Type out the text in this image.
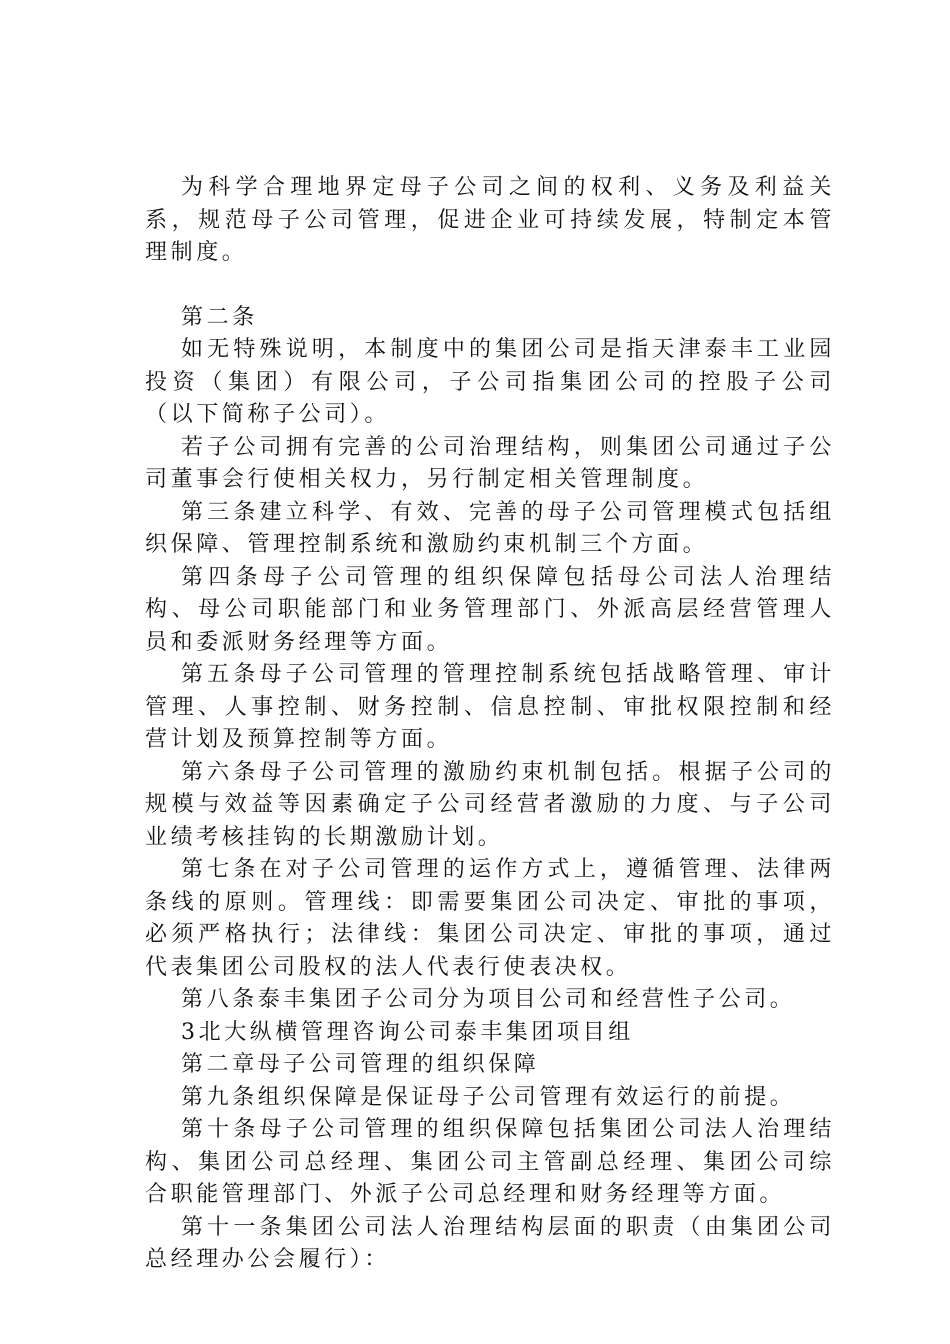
为科学合理地界定母子公司之间的权利、义务及利益关系，规范母子公司管理，促进企业可持续发展，特制定本管理制度。

第二条

如无特殊说明，本制度中的集团公司是指天津泰丰工业园投资（集团）有限公司，子公司指集团公司的控股子公司（以下简称子公司）。

若子公司拥有完善的公司治理结构，则集团公司通过子公司董事会行使相关权力，另行制定相关管理制度。

第三条建立科学、有效、完善的母子公司管理模式包括组织保障、管理控制系统和激励约束机制三个方面。

第四条母子公司管理的组织保障包括母公司法人治理结构、母公司职能部门和业务管理部门、外派高层经营管理人员和委派财务经理等方面。

第五条母子公司管理的管理控制系统包括战略管理、审计管理、人事控制、财务控制、信息控制、审批权限控制和经营计划及预算控制等方面。

第六条母子公司管理的激励约束机制包括。根据子公司的规模与效益等因素确定子公司经营者激励的力度、与子公司业绩考核挂钩的长期激励计划。

第七条在对子公司管理的运作方式上，遵循管理、法律两条线的原则。管理线：即需要集团公司决定、审批的事项，必须严格执行；法律线：集团公司决定、审批的事项，通过代表集团公司股权的法人代表行使表决权。

第八条泰丰集团子公司分为项目公司和经营性子公司。

3北大纵横管理咨询公司泰丰集团项目组

第二章母子公司管理的组织保障

第九条组织保障是保证母子公司管理有效运行的前提。

第十条母子公司管理的组织保障包括集团公司法人治理结构、集团公司总经理、集团公司主管副总经理、集团公司综合职能管理部门、外派子公司总经理和财务经理等方面。

第十一条集团公司法人治理结构层面的职责（由集团公司总经理办公会履行）：
